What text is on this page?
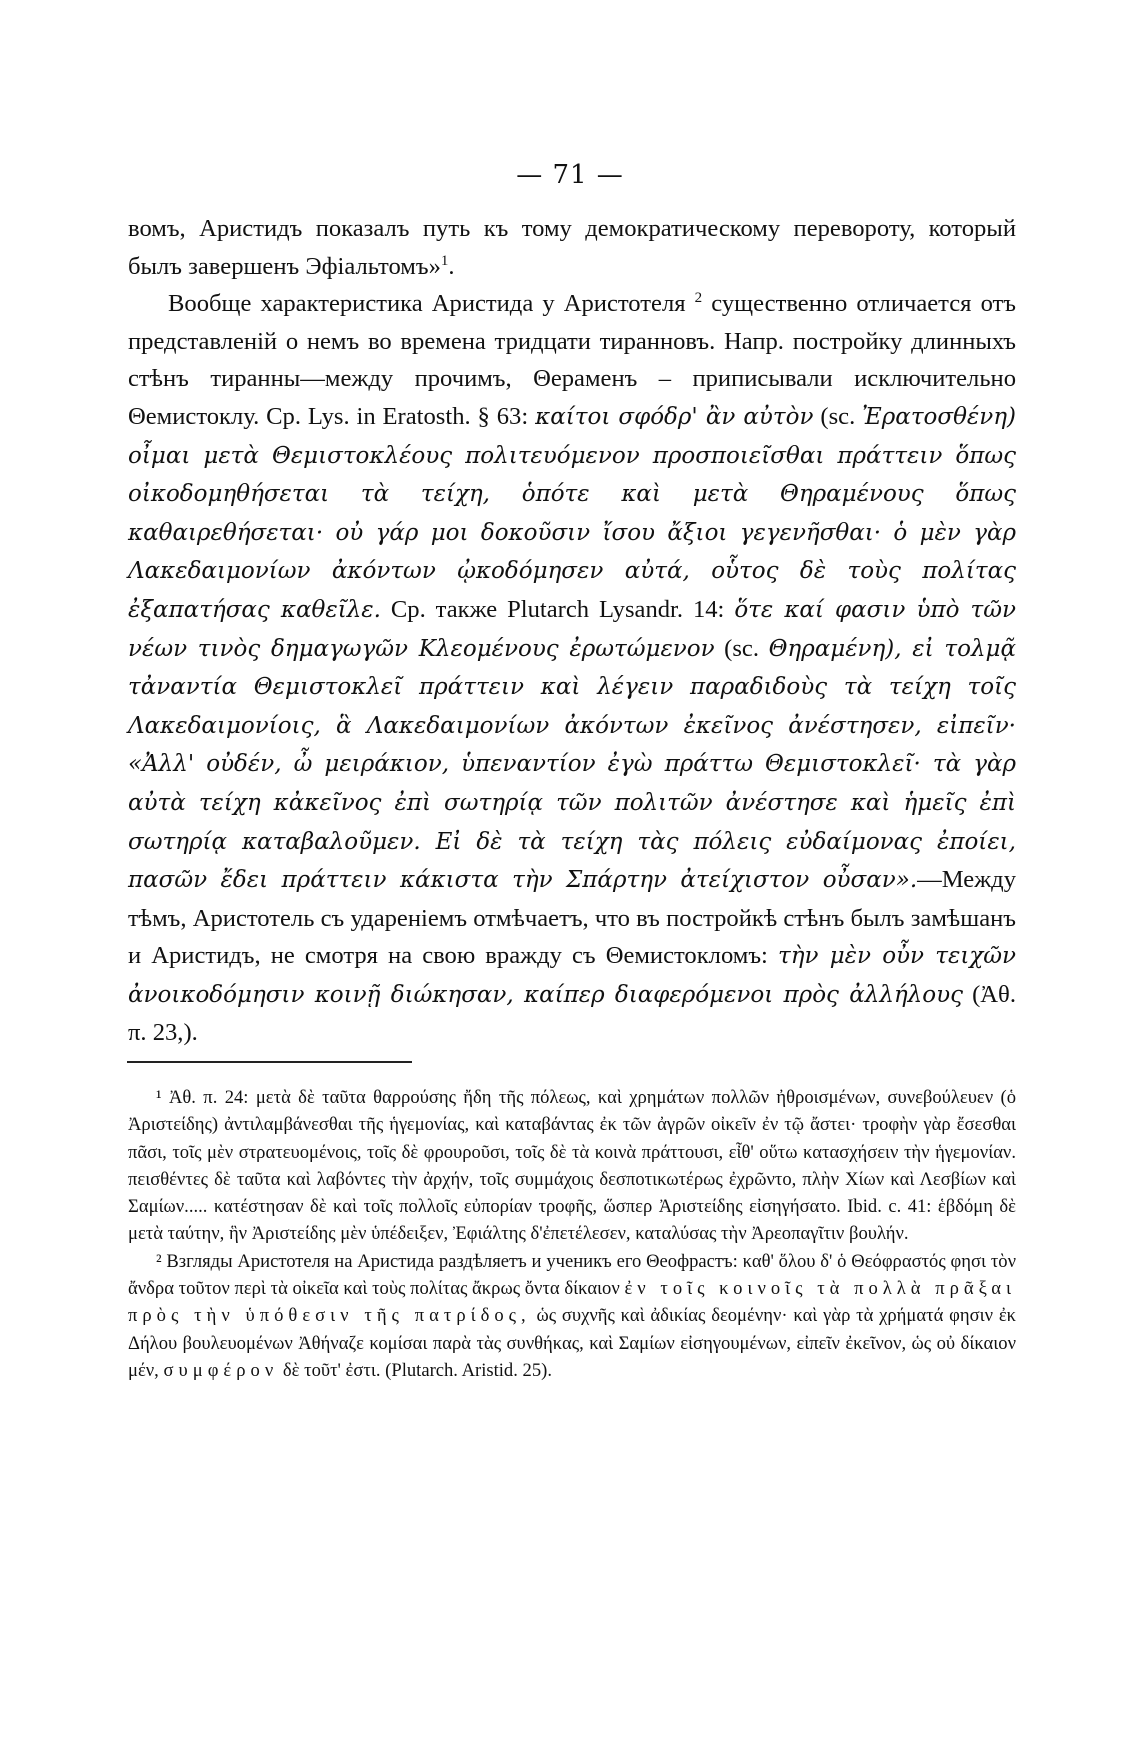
— 71 —

вомъ, Аристидъ показалъ путь къ тому демократическому перевороту, который былъ завершенъ Эфіальтомъ»$^1$.

Вообще характеристика Аристида у Аристотеля $^2$ существенно отличается отъ представленій о немъ во времена тридцати тиранновъ. Напр. постройку длинныхъ стѣнъ тиранны—между прочимъ, Θераменъ – приписывали исключительно Θемистоклу. Ср. Lys. in Eratosth. § 63: καίτοι σφόδρ' ἂν αὐτὸν (sc. Ἐρατοσθένη) οἶμαι μετὰ Θεμιστοκλέους πολιτευόμενον προσποιεῖσθαι πράττειν ὅπως οἰκοδομηθήσεται τὰ τείχη, ὁπότε καὶ μετὰ Θηραμένους ὅπως καθαιρεθήσεται· οὐ γάρ μοι δοκοῦσιν ἴσου ἄξιοι γεγενῆσθαι· ὁ μὲν γὰρ Λακεδαιμονίων ἀκόντων ᾠκοδόμησεν αὐτά, οὗτος δὲ τοὺς πολίτας ἐξαπατήσας καθεῖλε. Ср. также Plutarch Lysandr. 14: ὅτε καί φασιν ὑπὸ τῶν νέων τινὸς δημαγωγῶν Κλεομένους ἐρωτώμενον (sc. Θηραμένη), εἰ τολμᾷ τἀναντία Θεμιστοκλεῖ πράττειν καὶ λέγειν παραδιδοὺς τὰ τείχη τοῖς Λακεδαιμονίοις, ἃ Λακεδαιμονίων ἀκόντων ἐκεῖνος ἀνέστησεν, εἰπεῖν· «Ἀλλ' οὐδέν, ὦ μειράκιον, ὑπεναντίον ἐγὼ πράττω Θεμιστοκλεῖ· τὰ γὰρ αὐτὰ τείχη κἀκεῖνος ἐπὶ σωτηρίᾳ τῶν πολιτῶν ἀνέστησε καὶ ἡμεῖς ἐπὶ σωτηρίᾳ καταβαλοῦμεν. Εἰ δὲ τὰ τείχη τὰς πόλεις εὐδαίμονας ἐποίει, πασῶν ἔδει πράττειν κάκιστα τὴν Σπάρτην ἀτείχιστον οὖσαν».—Между тѣмъ, Аристотель съ удареніемъ отмѣчаетъ, что въ постройкѣ стѣнъ былъ замѣшанъ и Аристидъ, не смотря на свою вражду съ Θемистокломъ: τὴν μὲν οὖν τειχῶν ἀνοικοδόμησιν κοινῇ διώκησαν, καίπερ διαφερόμενοι πρὸς ἀλλήλους (Ἀθ. π. 23,).

¹ Ἀθ. π. 24: μετὰ δὲ ταῦτα θαρρούσης ἤδη τῆς πόλεως, καὶ χρημάτων πολλῶν ἠθροισμένων, συνεβούλευεν (ὁ Ἀριστείδης) ἀντιλαμβάνεσθαι τῆς ἡγεμονίας, καὶ καταβάντας ἐκ τῶν ἀγρῶν οἰκεῖν ἐν τῷ ἄστει· τροφὴν γὰρ ἔσεσθαι πᾶσι, τοῖς μὲν στρατευομένοις, τοῖς δὲ φρουροῦσι, τοῖς δὲ τὰ κοινὰ πράττουσι, εἶθ' οὕτω κατασχήσειν τὴν ἡγεμονίαν. πεισθέντες δὲ ταῦτα καὶ λαβόντες τὴν ἀρχήν, τοῖς συμμάχοις δεσποτικωτέρως ἐχρῶντο, πλὴν Χίων καὶ Λεσβίων καὶ Σαμίων..... κατέστησαν δὲ καὶ τοῖς πολλοῖς εὐπορίαν τροφῆς, ὥσπερ Ἀριστείδης εἰσηγήσατο. Ibid. c. 41: ἑβδόμη δὲ μετὰ ταύτην, ἣν Ἀριστείδης μὲν ὑπέδειξεν, Ἐφιάλτης δ'ἐπετέλεσεν, καταλύσας τὴν Ἀρεοπαγῖτιν βουλήν.

² Взгляды Аристотеля на Аристида раздѣляетъ и ученикъ его Θеофрастъ: καθ' ὅλου δ' ὁ Θεόφραστός φησι τὸν ἄνδρα τοῦτον περὶ τὰ οἰκεῖα καὶ τοὺς πολίτας ἄκρως ὄντα δίκαιον ἐν τοῖς κοινοῖς τὰ πολλὰ πρᾶξαι πρὸς τὴν ὑπόθεσιν τῆς πατρίδος, ὡς συχνῆς καὶ ἀδικίας δεομένην· καὶ γὰρ τὰ χρήματά φησιν ἐκ Δήλου βουλευομένων Ἀθήναζε κομίσαι παρὰ τὰς συνθήκας, καὶ Σαμίων εἰσηγουμένων, εἰπεῖν ἐκεῖνον, ὡς οὐ δίκαιον μέν, συμφέρον δὲ τοῦτ' ἐστι. (Plutarch. Aristid. 25).
